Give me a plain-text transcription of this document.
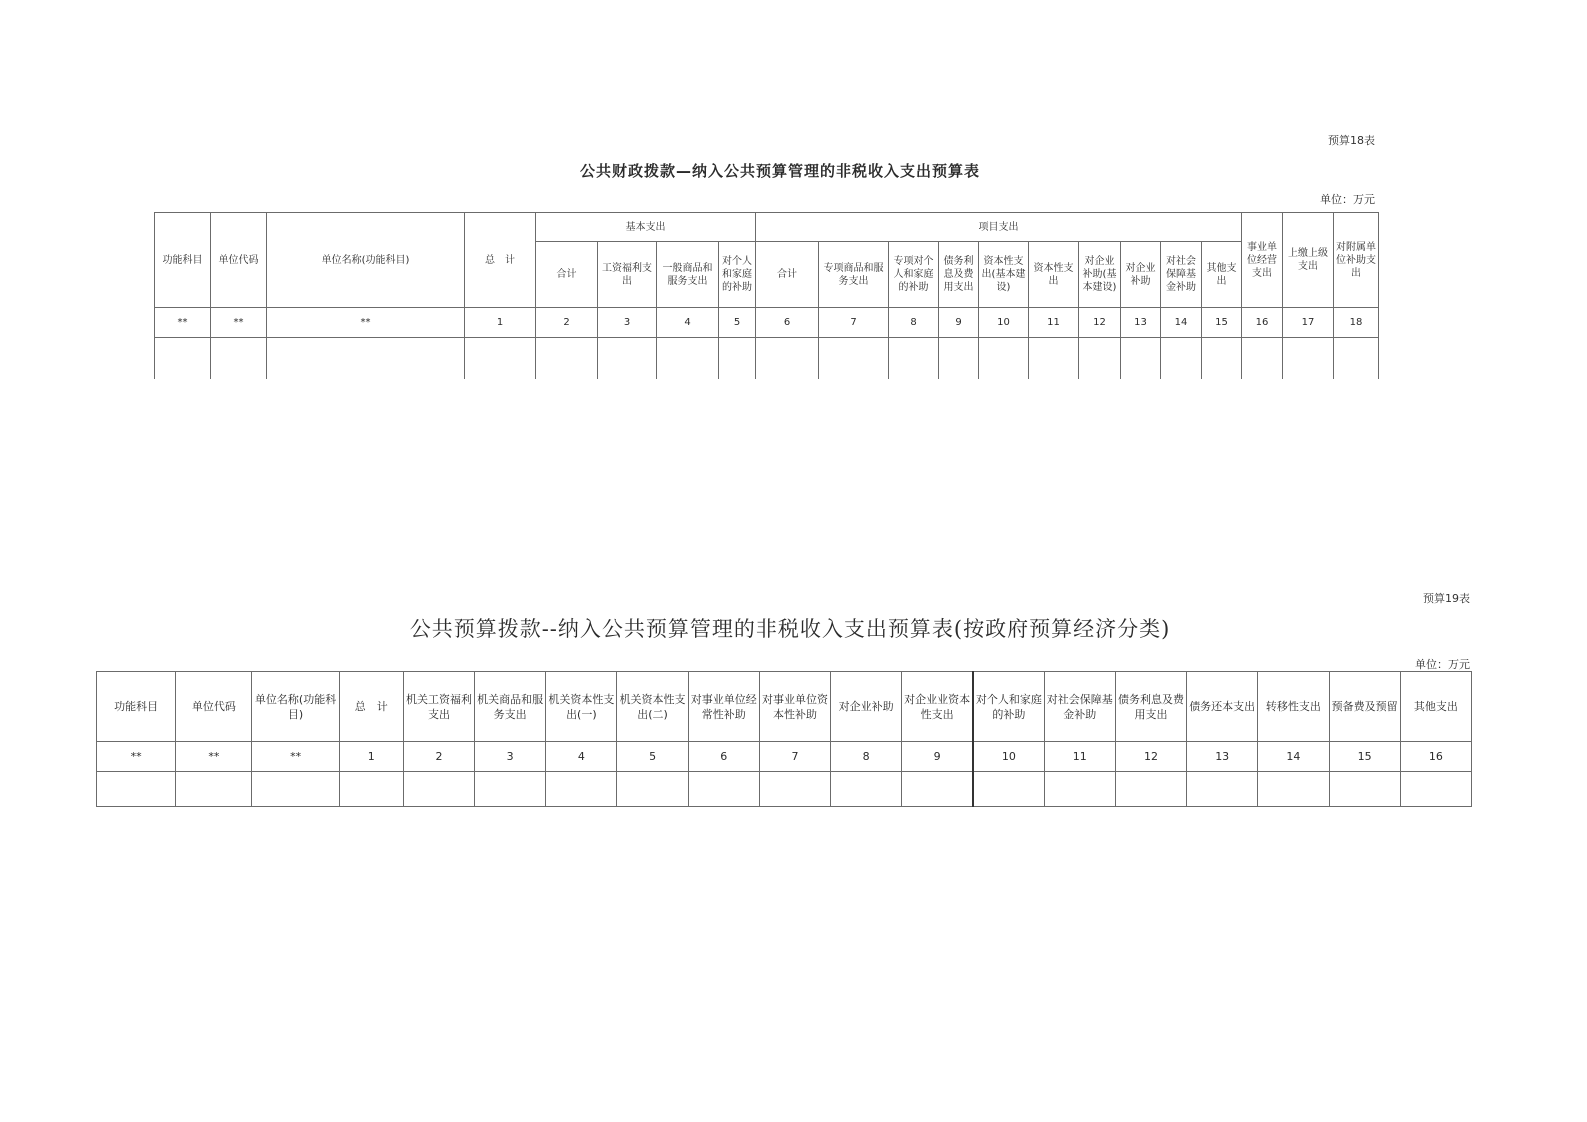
预算18表
公共财政拨款—纳入公共预算管理的非税收入支出预算表
单位：万元
功能科目	单位代码	单位名称(功能科目)	总　计	基本支出				项目支出										事业单位经营支出	上缴上级支出	对附属单位补助支出
				合计	工资福利支出	一般商品和服务支出	对个人和家庭的补助	合计	专项商品和服务支出	专项对个人和家庭的补助	债务利息及费用支出	资本性支出(基本建设)	资本性支出	对企业补助(基本建设)	对企业补助	对社会保障基金补助	其他支出			
**	**	**	1	2	3	4	5	6	7	8	9	10	11	12	13	14	15	16	17	18

预算19表
公共预算拨款--纳入公共预算管理的非税收入支出预算表(按政府预算经济分类)
单位：万元
功能科目	单位代码	单位名称(功能科目)	总　计	机关工资福利支出	机关商品和服务支出	机关资本性支出(一)	机关资本性支出(二)	对事业单位经常性补助	对事业单位资本性补助	对企业补助	对企业业资本性支出	对个人和家庭的补助	对社会保障基金补助	债务利息及费用支出	债务还本支出	转移性支出	预备费及预留	其他支出
**	**	**	1	2	3	4	5	6	7	8	9	10	11	12	13	14	15	16
